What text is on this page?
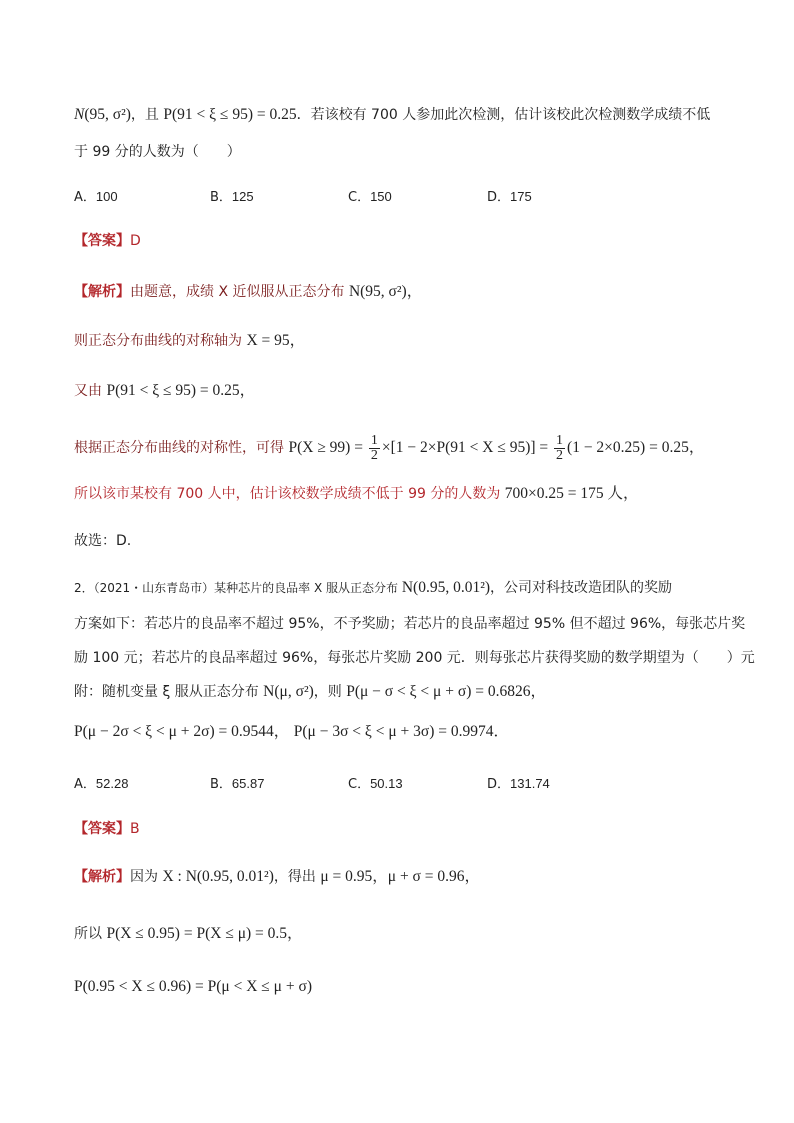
N(95, σ²)，且 P(91 < ξ ≤ 95) = 0.25．若该校有 700 人参加此次检测，估计该校此次检测数学成绩不低
于 99 分的人数为（　　）
A．100	B．125	C．150	D．175
【答案】D
【解析】由题意，成绩 X 近似服从正态分布 N(95, σ²)，
则正态分布曲线的对称轴为 X = 95，
又由 P(91 < ξ ≤ 95) = 0.25，
根据正态分布曲线的对称性，可得 $P(X \ge 99) = \frac{1}{2} \times[1 - 2\times P(91 < X \le 95)] = \frac{1}{2} (1 - 2\times 0.25) = 0.25$，
所以该市某校有 700 人中，估计该校数学成绩不低于 99 分的人数为 700×0.25 = 175 人，
故选：D.
2．（2021・山东青岛市）某种芯片的良品率 X 服从正态分布 N(0.95, 0.01²)，公司对科技改造团队的奖励
方案如下：若芯片的良品率不超过 95%，不予奖励；若芯片的良品率超过 95% 但不超过 96%，每张芯片奖
励 100 元；若芯片的良品率超过 96%，每张芯片奖励 200 元．则每张芯片获得奖励的数学期望为（　　）元
附：随机变量 ξ 服从正态分布 N(μ, σ²)，则 P(μ − σ < ξ < μ + σ) = 0.6826，
P(μ − 2σ < ξ < μ + 2σ) = 0.9544， P(μ − 3σ < ξ < μ + 3σ) = 0.9974．
A．52.28	B．65.87	C．50.13	D．131.74
【答案】B
【解析】因为 X : N(0.95, 0.01²)，得出 μ = 0.95，μ + σ = 0.96，
所以 P(X ≤ 0.95) = P(X ≤ μ) = 0.5，
P(0.95 < X ≤ 0.96) = P(μ < X ≤ μ + σ)
